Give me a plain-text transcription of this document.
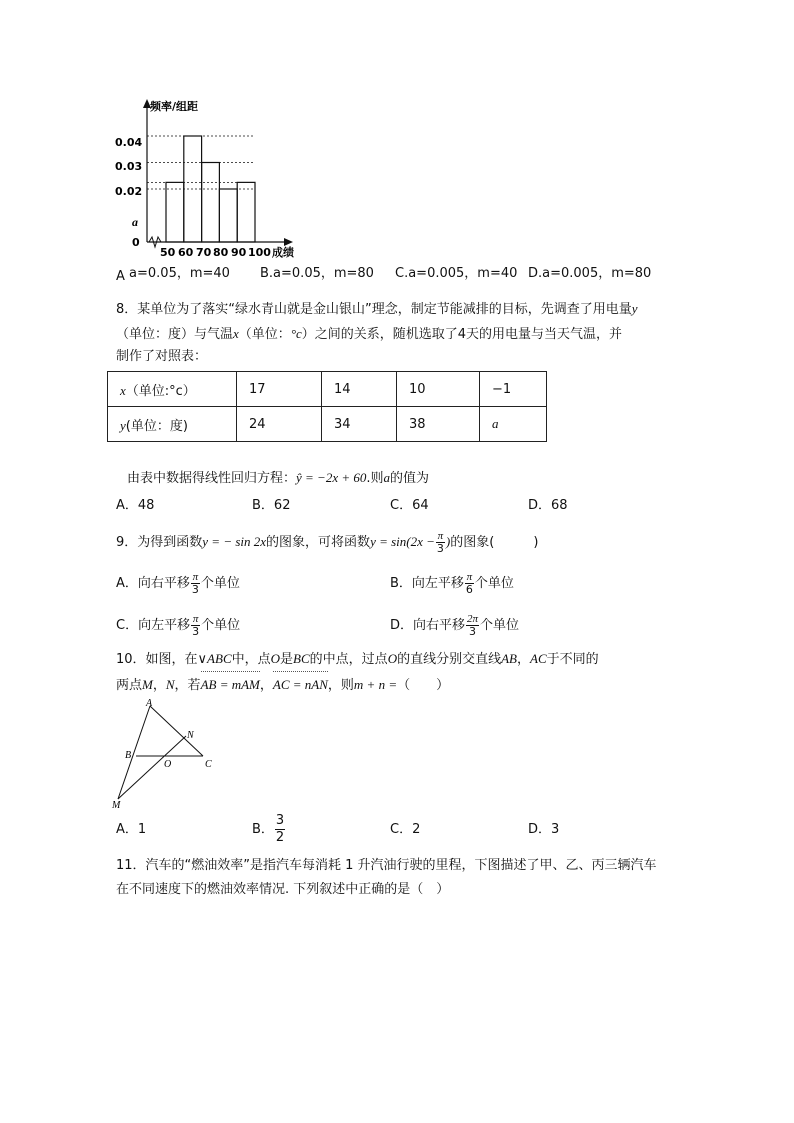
频率/组距
0.04
0.03
0.02
a
0
50 60 70 80 90 100 成绩
A a=0.05，m=40 B.a=0.05，m=80 C.a=0.005，m=40 D.a=0.005，m=80
8．某单位为了落实“绿水青山就是金山银山”理念，制定节能减排的目标，先调查了用电量y
（单位：度）与气温x（单位：°c）之间的关系，随机选取了4天的用电量与当天气温，并
制作了对照表：
x（单位:°c）	17	14	10	−1
y(单位：度)	24	34	38	a
由表中数据得线性回归方程：ŷ = −2x + 60.则a的值为
A．48	B．62	C．64	D．68
9．为得到函数y = − sin 2x的图象，可将函数$y = \sin(2x - \frac{\pi}{3}$ )的图象(　　　)
A．向右平移 $\frac{\pi}{3}$ 个单位	B．向左平移 $\frac{\pi}{6}$ 个单位
C．向左平移 $\frac{\pi}{3}$ 个单位	D．向右平移 $\frac{2\pi}{3}$ 个单位
10．如图，在∨ABC中，点O是BC的中点，过点O的直线分别交直线AB，AC于不同的
两点M，N，若AB = mAM，AC = nAN，则m + n =（　　）
A
B
O	C
N
M
A．1	B． $\frac{3}{2}$	C．2	D．3
11．汽车的“燃油效率”是指汽车每消耗 1 升汽油行驶的里程，下图描述了甲、乙、丙三辆汽车
在不同速度下的燃油效率情况. 下列叙述中正确的是（　）
